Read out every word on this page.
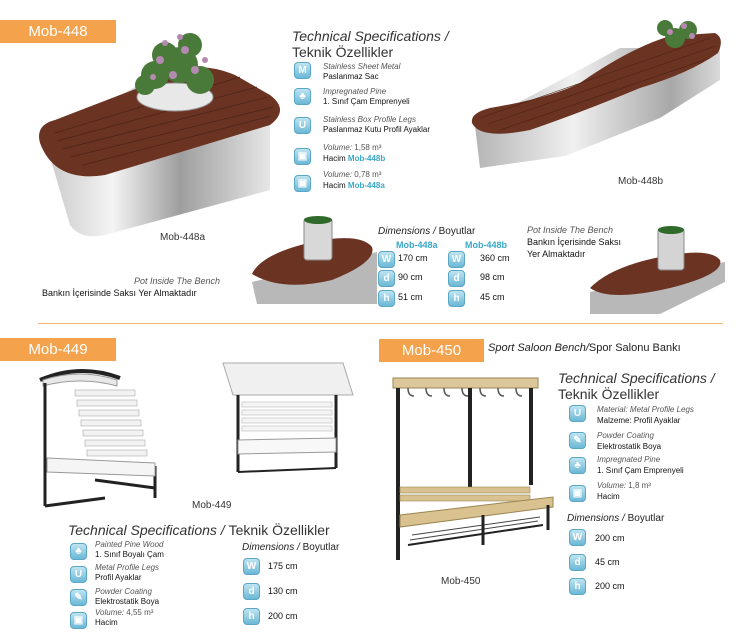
Mob-448
Mob-448a
Technical Specifications /
Teknik Özellikler
M	Stainless Sheet Metal
Paslanmaz Sac
♣	Impregnated Pine
1. Sınıf Çam Emprenyeli
U
Stainless Box Profile Legs
Paslanmaz Kutu Profil Ayaklar
▣
Volume: 1,58 m³
Hacim Mob-448b
▣
Volume: 0,78 m³
Hacim Mob-448a	Mob-448b
Pot Inside The Bench
Bankın İçerisinde Saksı Yer Almaktadır
Dimensions / Boyutlar
Mob-448a	Mob-448b
W 170 cm	W	360 cm
d 90 cm	d	98 cm
h 51 cm	h	45 cm
Pot Inside The Bench
Bankın İçerisinde Saksı
Yer Almaktadır
Mob-449
Mob-449
Technical Specifications / Teknik Özellikler
♣
Painted Pine Wood
1. Sınıf Boyalı Çam
U
Metal Profile Legs
Profil Ayaklar
✎
Powder Coating
Elektrostatik Boya
▣
Volume: 4,55 m³
Hacim
Dimensions / Boyutlar
W	175 cm
d	130 cm
h	200 cm
Mob-450	Sport Saloon Bench/Spor Salonu Bankı
Mob-450
Technical Specifications /
Teknik Özellikler
U	Material: Metal Profile Legs
Malzeme: Profil Ayaklar
✎	Powder Coating
Elektrostatik Boya
♣
Impregnated Pine
1. Sınıf Çam Emprenyeli
▣
Volume: 1,8 m³
Hacim
Dimensions / Boyutlar
W	200 cm
d	45 cm
h	200 cm
